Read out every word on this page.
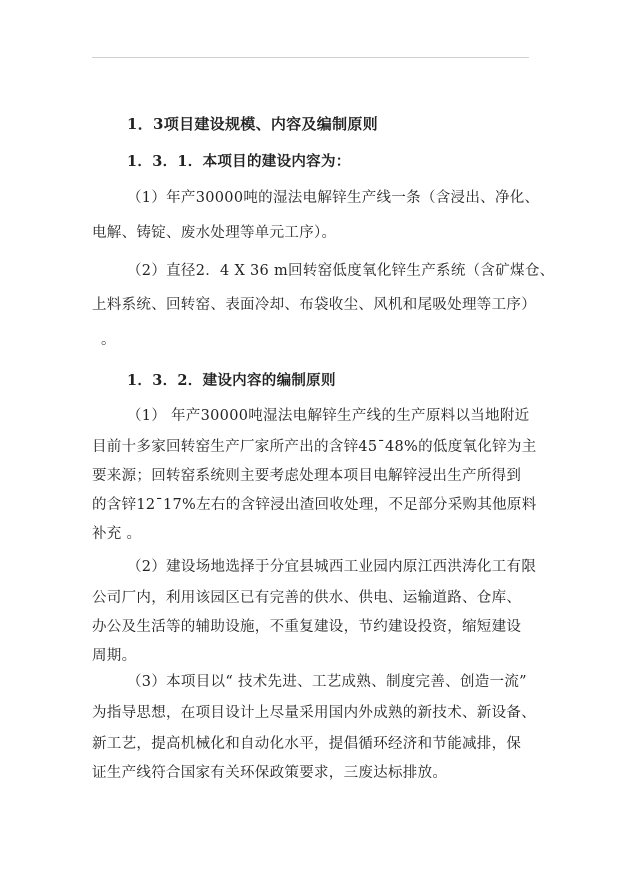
1．3项目建设规模、内容及编制原则
1．3．1．本项目的建设内容为：
（1）年产30000吨的湿法电解锌生产线一条（含浸出、净化、
电解、铸锭、废水处理等单元工序）。
（2）直径2．4 X 36 m回转窑低度氧化锌生产系统（含矿煤仓、
上料系统、回转窑、表面冷却、布袋收尘、风机和尾吸处理等工序）
。
1．3．2．建设内容的编制原则
（1） 年产30000吨湿法电解锌生产线的生产原料以当地附近
目前十多家回转窑生产厂家所产出的含锌45¯48%的低度氧化锌为主
要来源；回转窑系统则主要考虑处理本项目电解锌浸出生产所得到
的含锌12¯17%左右的含锌浸出渣回收处理，不足部分采购其他原料
补充 。
（2）建设场地选择于分宜县城西工业园内原江西洪涛化工有限
公司厂内，利用该园区已有完善的供水、供电、运输道路、仓库、
办公及生活等的辅助设施，不重复建设，节约建设投资，缩短建设
周期。
（3）本项目以“ 技术先进、工艺成熟、制度完善、创造一流”
为指导思想，在项目设计上尽量采用国内外成熟的新技术、新设备、
新工艺，提高机械化和自动化水平，提倡循环经济和节能减排，保
证生产线符合国家有关环保政策要求，三废达标排放。
